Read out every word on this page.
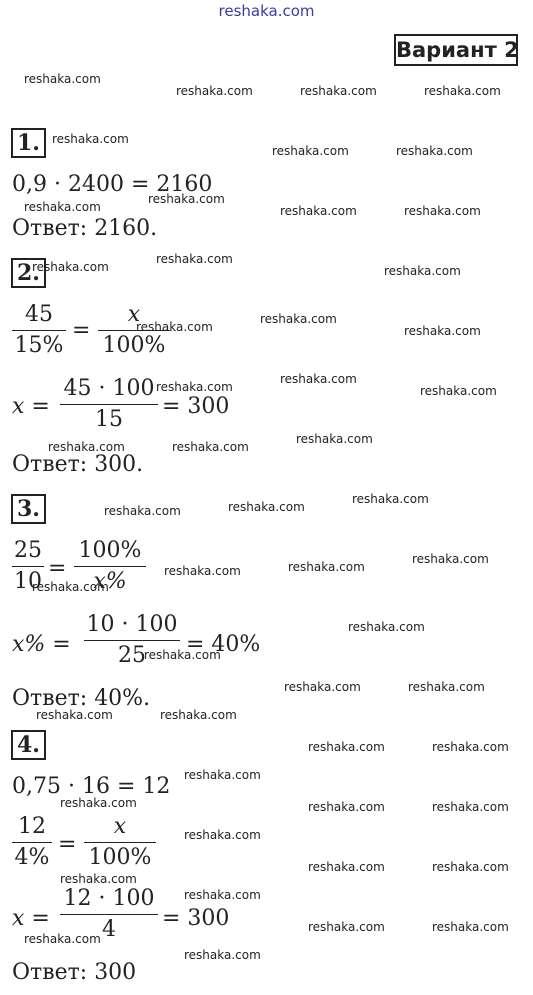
reshaka.com
Вариант 2
1.
0,9 · 2400 = 2160
Ответ: 2160.
2.
45
15%
=
x
100%
x =
45 · 100
15
= 300
Ответ: 300.
3.
25
10
=
100%
x%
x% =
10 · 100
25	= 40%
Ответ: 40%.
4.
0,75 · 16 = 12
12
4%
=
x
100%
x =
12 · 100
4	= 300
Ответ: 300
reshaka.com
reshaka.com	reshaka.com	reshaka.com
reshaka.com
reshaka.com	reshaka.com
reshaka.com
reshaka.com
reshaka.com	reshaka.com
reshaka.com
reshaka.com
reshaka.com
reshaka.com
reshaka.com
reshaka.com
reshaka.com
reshaka.com
reshaka.com
reshaka.com	reshaka.com
reshaka.com
reshaka.com
reshaka.com	reshaka.com
reshaka.com
reshaka.com	reshaka.com
reshaka.com
reshaka.com
reshaka.com
reshaka.com	reshaka.com
reshaka.com	reshaka.com
reshaka.com	reshaka.com
reshaka.com
reshaka.com	reshaka.com	reshaka.com
reshaka.com
reshaka.com
reshaka.com	reshaka.com
reshaka.com
reshaka.com	reshaka.com
reshaka.com
reshaka.com
